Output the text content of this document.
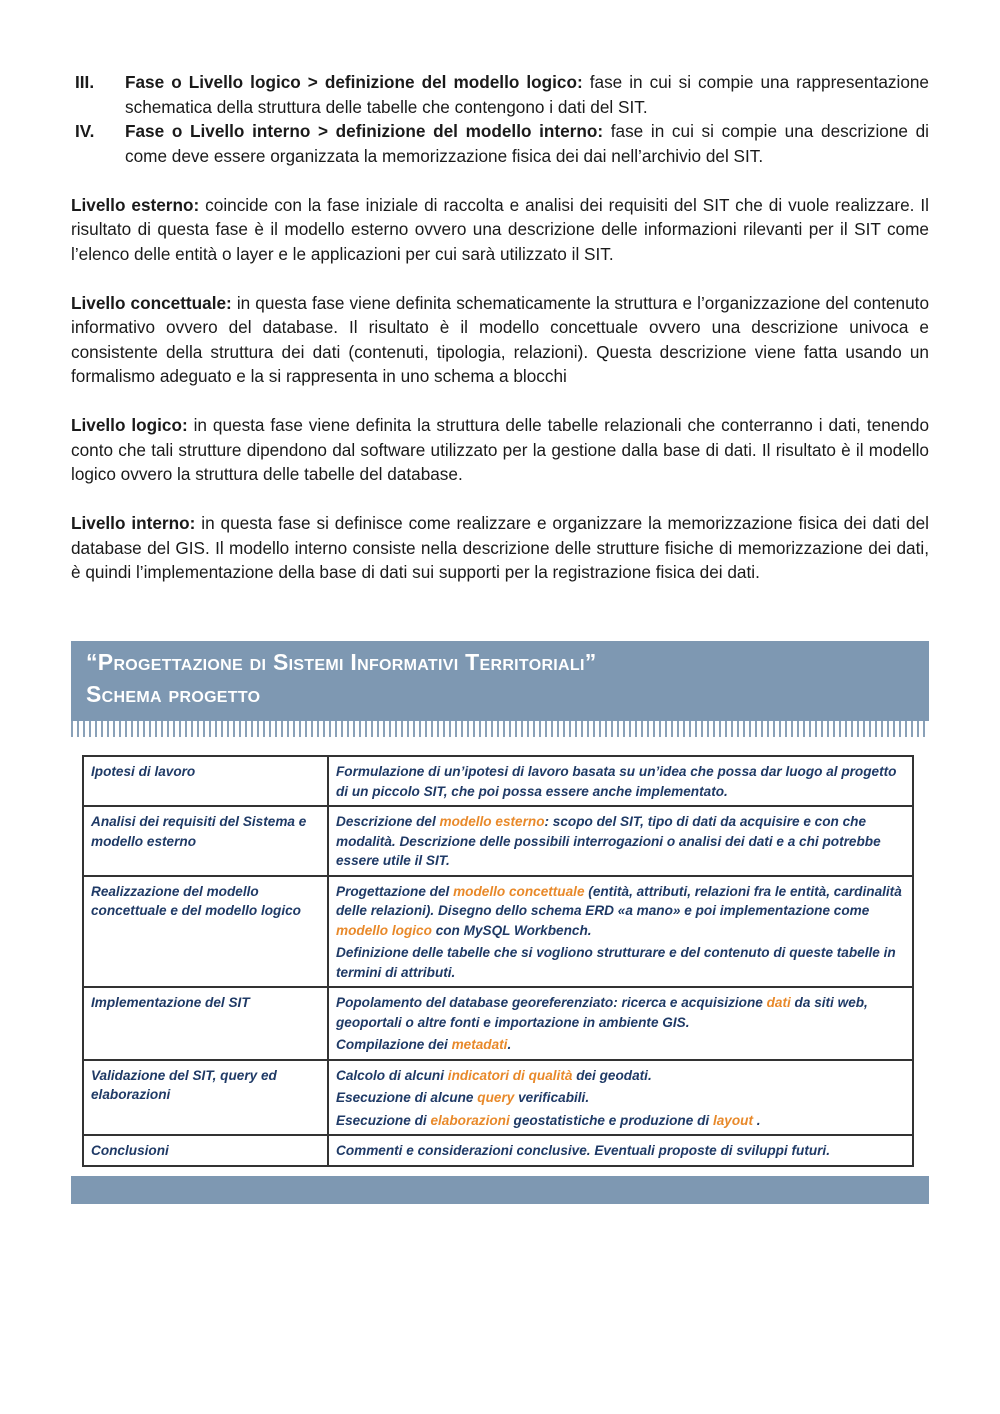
III.	Fase o Livello logico > definizione del modello logico: fase in cui si compie una rappresentazione schematica della struttura delle tabelle che contengono i dati del SIT.
IV.	Fase o Livello interno > definizione del modello interno: fase in cui si compie una descrizione di come deve essere organizzata la memorizzazione fisica dei dai nell’archivio del SIT.

Livello esterno: coincide con la fase iniziale di raccolta e analisi dei requisiti del SIT che di vuole realizzare. Il risultato di questa fase è il modello esterno ovvero una descrizione delle informazioni rilevanti per il SIT come l’elenco delle entità o layer e le applicazioni per cui sarà utilizzato il SIT.

Livello concettuale: in questa fase viene definita schematicamente la struttura e l’organizzazione del contenuto informativo ovvero del database. Il risultato è il modello concettuale ovvero una descrizione univoca e consistente della struttura dei dati (contenuti, tipologia, relazioni). Questa descrizione viene fatta usando un formalismo adeguato e la si rappresenta in uno schema a blocchi

Livello logico: in questa fase viene definita la struttura delle tabelle relazionali che conterranno i dati, tenendo conto che tali strutture dipendono dal software utilizzato per la gestione dalla base di dati. Il risultato è il modello logico ovvero la struttura delle tabelle del database.

Livello interno: in questa fase si definisce come realizzare e organizzare la memorizzazione fisica dei dati del database del GIS. Il modello interno consiste nella descrizione delle strutture fisiche di memorizzazione dei dati, è quindi l’implementazione della base di dati sui supporti per la registrazione fisica dei dati.

“Progettazione di Sistemi Informativi Territoriali”
Schema progetto
Ipotesi di lavoro	Formulazione di un’ipotesi di lavoro basata su un’idea che possa dar luogo al progetto di un piccolo SIT, che poi possa essere anche implementato.

Analisi dei requisiti del Sistema e modello esterno	Descrizione del modello esterno: scopo del SIT, tipo di dati da acquisire e con che modalità. Descrizione delle possibili interrogazioni o analisi dei dati e a chi potrebbe essere utile il SIT.

Realizzazione del modello concettuale e del modello logico	Progettazione del modello concettuale (entità, attributi, relazioni fra le entità, cardinalità delle relazioni). Disegno dello schema ERD «a mano» e poi implementazione come modello logico con MySQL Workbench.
Definizione delle tabelle che si vogliono strutturare e del contenuto di queste tabelle in termini di attributi.

Implementazione del SIT	Popolamento del database georeferenziato: ricerca e acquisizione dati da siti web, geoportali o altre fonti e importazione in ambiente GIS.
Compilazione dei metadati.

Validazione del SIT, query ed elaborazioni	Calcolo di alcuni indicatori di qualità dei geodati.
Esecuzione di alcune query verificabili.
Esecuzione di elaborazioni geostatistiche e produzione di layout .

Conclusioni	Commenti e considerazioni conclusive. Eventuali proposte di sviluppi futuri.
